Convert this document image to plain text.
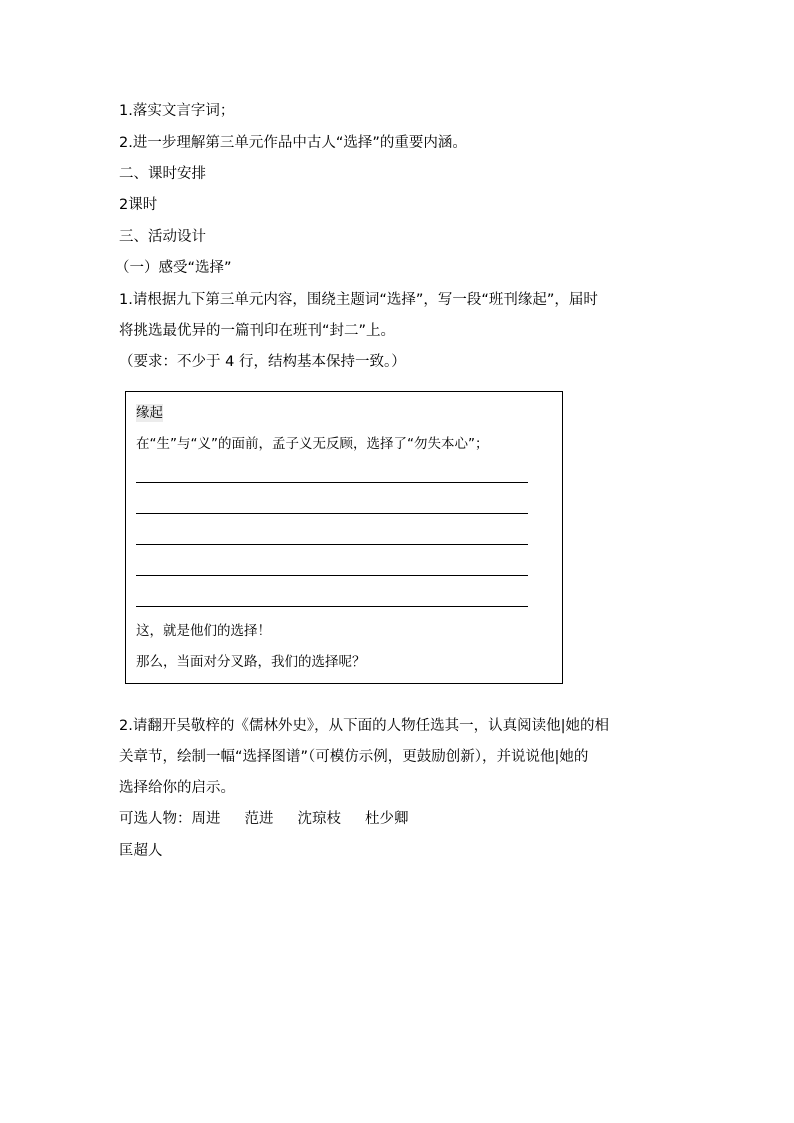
1.落实文言字词；
2.进一步理解第三单元作品中古人“选择”的重要内涵。
二、课时安排
2课时
三、活动设计
（一）感受“选择”
1.请根据九下第三单元内容，围绕主题词“选择”，写一段“班刊缘起”，届时
将挑选最优异的一篇刊印在班刊“封二”上。
（要求：不少于 4 行，结构基本保持一致。）
缘起
在“生”与“义”的面前，孟子义无反顾，选择了“勿失本心”；
这，就是他们的选择！
那么，当面对分叉路，我们的选择呢？
2.请翻开吴敬梓的《儒林外史》，从下面的人物任选其一，认真阅读他|她的相
关章节，绘制一幅“选择图谱”（可模仿示例，更鼓励创新），并说说他|她的
选择给你的启示。
可选人物：周进 范进 沈琼枝 杜少卿
匡超人
